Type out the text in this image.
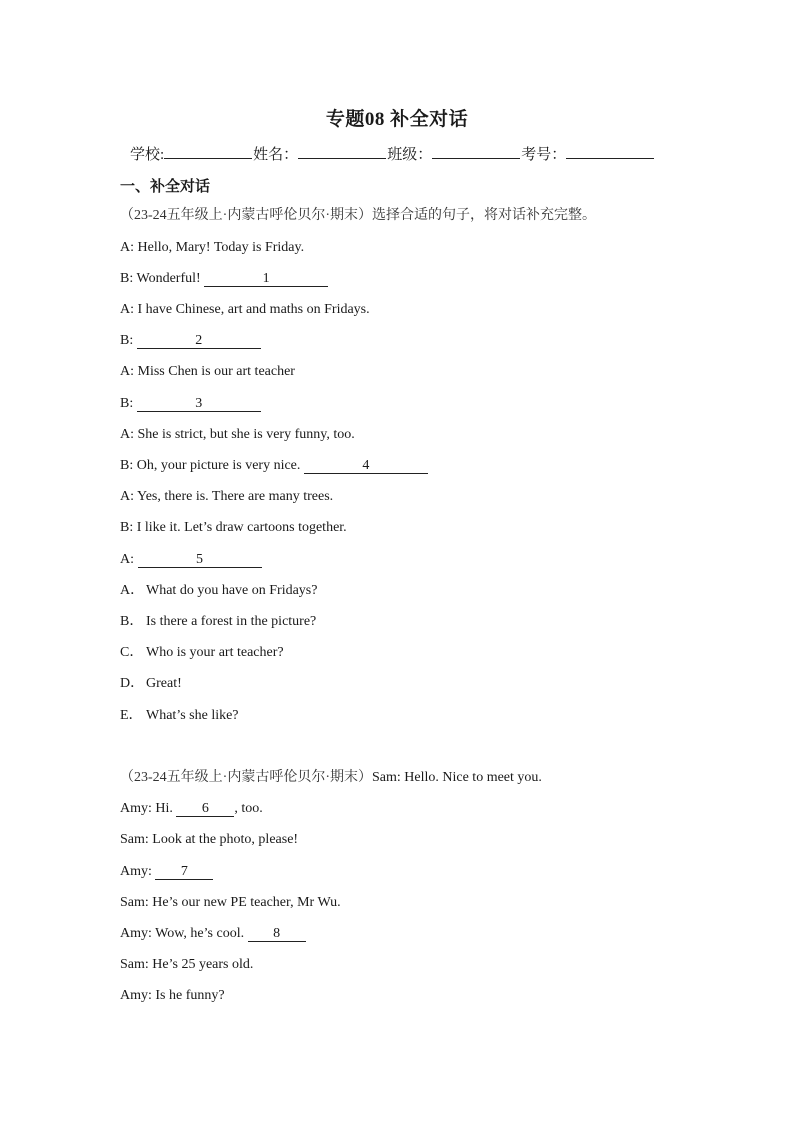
专题08 补全对话
学校:	姓名：	班级：	考号：
一、补全对话
（23-24五年级上·内蒙古呼伦贝尔·期末）选择合适的句子，将对话补充完整。
A: Hello, Mary! Today is Friday.
B: Wonderful!	1
A: I have Chinese, art and maths on Fridays.
B:	2
A: Miss Chen is our art teacher
B:	3
A: She is strict, but she is very funny, too.
B: Oh, your picture is very nice.	4
A: Yes, there is. There are many trees.
B: I like it. Let’s draw cartoons together.
A:	5
A． What do you have on Fridays?
B． Is there a forest in the picture?
C． Who is your art teacher?
D． Great!
E． What’s she like?
（23-24五年级上·内蒙古呼伦贝尔·期末）Sam: Hello. Nice to meet you.
Amy: Hi. 6 , too.
Sam: Look at the photo, please!
Amy: 7
Sam: He’s our new PE teacher, Mr Wu.
Amy: Wow, he’s cool. 8
Sam: He’s 25 years old.
Amy: Is he funny?
